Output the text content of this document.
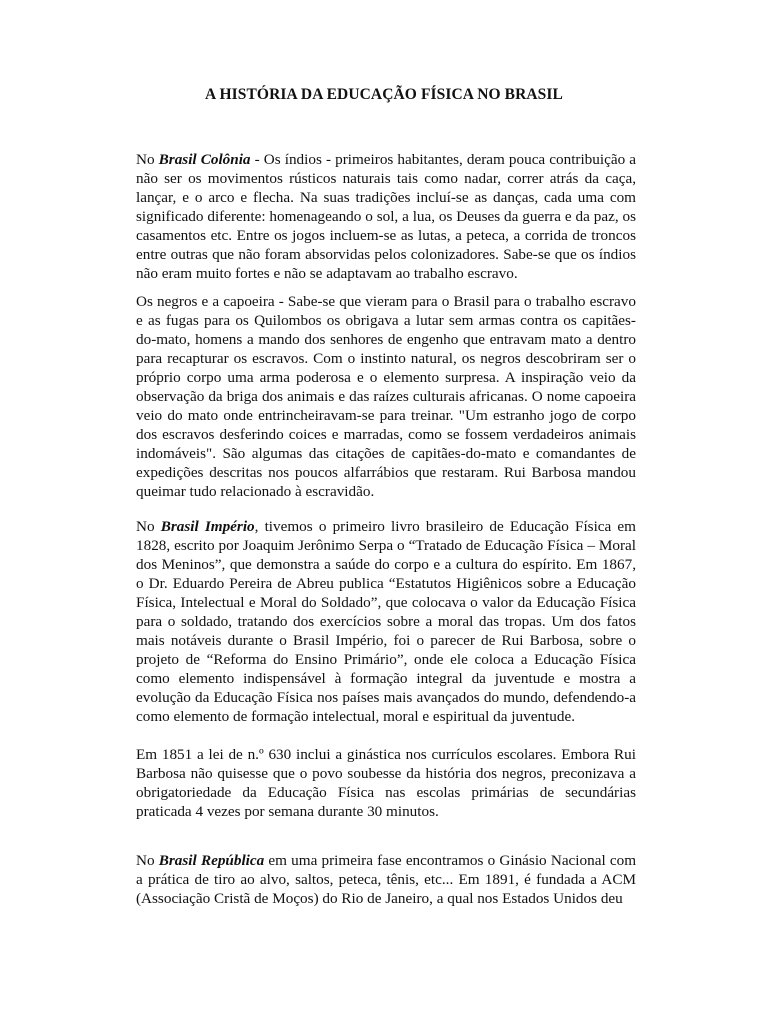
A HISTÓRIA DA EDUCAÇÃO FÍSICA NO BRASIL

No Brasil Colônia - Os índios - primeiros habitantes, deram pouca contribuição a não ser os movimentos rústicos naturais tais como nadar, correr atrás da caça, lançar, e o arco e flecha. Na suas tradições incluí-se as danças, cada uma com significado diferente: homenageando o sol, a lua, os Deuses da guerra e da paz, os casamentos etc. Entre os jogos incluem-se as lutas, a peteca, a corrida de troncos entre outras que não foram absorvidas pelos colonizadores. Sabe-se que os índios não eram muito fortes e não se adaptavam ao trabalho escravo.

Os negros e a capoeira - Sabe-se que vieram para o Brasil para o trabalho escravo e as fugas para os Quilombos os obrigava a lutar sem armas contra os capitães-do-mato, homens a mando dos senhores de engenho que entravam mato a dentro para recapturar os escravos. Com o instinto natural, os negros descobriram ser o próprio corpo uma arma poderosa e o elemento surpresa. A inspiração veio da observação da briga dos animais e das raízes culturais africanas. O nome capoeira veio do mato onde entrincheiravam-se para treinar. "Um estranho jogo de corpo dos escravos desferindo coices e marradas, como se fossem verdadeiros animais indomáveis". São algumas das citações de capitães-do-mato e comandantes de expedições descritas nos poucos alfarrábios que restaram. Rui Barbosa mandou queimar tudo relacionado à escravidão.

No Brasil Império, tivemos o primeiro livro brasileiro de Educação Física em 1828, escrito por Joaquim Jerônimo Serpa o “Tratado de Educação Física – Moral dos Meninos”, que demonstra a saúde do corpo e a cultura do espírito. Em 1867, o Dr. Eduardo Pereira de Abreu publica “Estatutos Higiênicos sobre a Educação Física, Intelectual e Moral do Soldado”, que colocava o valor da Educação Física para o soldado, tratando dos exercícios sobre a moral das tropas. Um dos fatos mais notáveis durante o Brasil Império, foi o parecer de Rui Barbosa, sobre o projeto de “Reforma do Ensino Primário”, onde ele coloca a Educação Física como elemento indispensável à formação integral da juventude e mostra a evolução da Educação Física nos países mais avançados do mundo, defendendo-a como elemento de formação intelectual, moral e espiritual da juventude.

Em 1851 a lei de n.º 630 inclui a ginástica nos currículos escolares. Embora Rui Barbosa não quisesse que o povo soubesse da história dos negros, preconizava a obrigatoriedade da Educação Física nas escolas primárias de secundárias praticada 4 vezes por semana durante 30 minutos.

No Brasil República em uma primeira fase encontramos o Ginásio Nacional com a prática de tiro ao alvo, saltos, peteca, tênis, etc... Em 1891, é fundada a ACM (Associação Cristã de Moços) do Rio de Janeiro, a qual nos Estados Unidos deu
